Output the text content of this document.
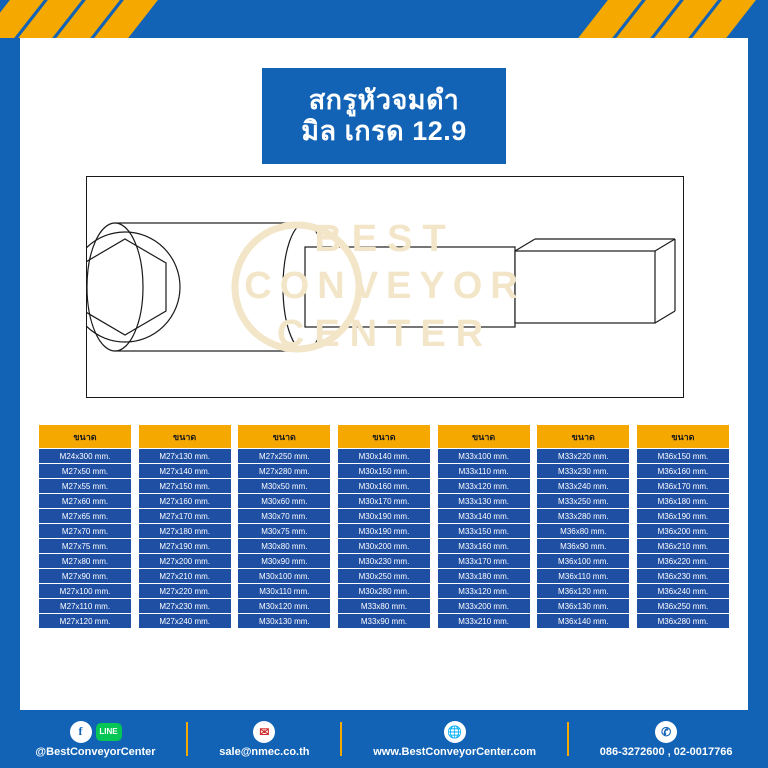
สกรูหัวจมดำ
มิล เกรด 12.9
BEST
CONVEYOR
CENTER
ขนาด
M24x300 mm.
M27x50 mm.
M27x55 mm.
M27x60 mm.
M27x65 mm.
M27x70 mm.
M27x75 mm.
M27x80 mm.
M27x90 mm.
M27x100 mm.
M27x110 mm.
M27x120 mm.
ขนาด
M27x130 mm.
M27x140 mm.
M27x150 mm.
M27x160 mm.
M27x170 mm.
M27x180 mm.
M27x190 mm.
M27x200 mm.
M27x210 mm.
M27x220 mm.
M27x230 mm.
M27x240 mm.
ขนาด
M27x250 mm.
M27x280 mm.
M30x50 mm.
M30x60 mm.
M30x70 mm.
M30x75 mm.
M30x80 mm.
M30x90 mm.
M30x100 mm.
M30x110 mm.
M30x120 mm.
M30x130 mm.
ขนาด
M30x140 mm.
M30x150 mm.
M30x160 mm.
M30x170 mm.
M30x190 mm.
M30x190 mm.
M30x200 mm.
M30x230 mm.
M30x250 mm.
M30x280 mm.
M33x80 mm.
M33x90 mm.
ขนาด
M33x100 mm.
M33x110 mm.
M33x120 mm.
M33x130 mm.
M33x140 mm.
M33x150 mm.
M33x160 mm.
M33x170 mm.
M33x180 mm.
M33x120 mm.
M33x200 mm.
M33x210 mm.
ขนาด
M33x220 mm.
M33x230 mm.
M33x240 mm.
M33x250 mm.
M33x280 mm.
M36x80 mm.
M36x90 mm.
M36x100 mm.
M36x110 mm.
M36x120 mm.
M36x130 mm.
M36x140 mm.
ขนาด
M36x150 mm.
M36x160 mm.
M36x170 mm.
M36x180 mm.
M36x190 mm.
M36x200 mm.
M36x210 mm.
M36x220 mm.
M36x230 mm.
M36x240 mm.
M36x250 mm.
M36x280 mm.
f	LINE
@BestConveyorCenter
✉
sale@nmec.co.th
🌐
www.BestConveyorCenter.com
✆
086-3272600 , 02-0017766
